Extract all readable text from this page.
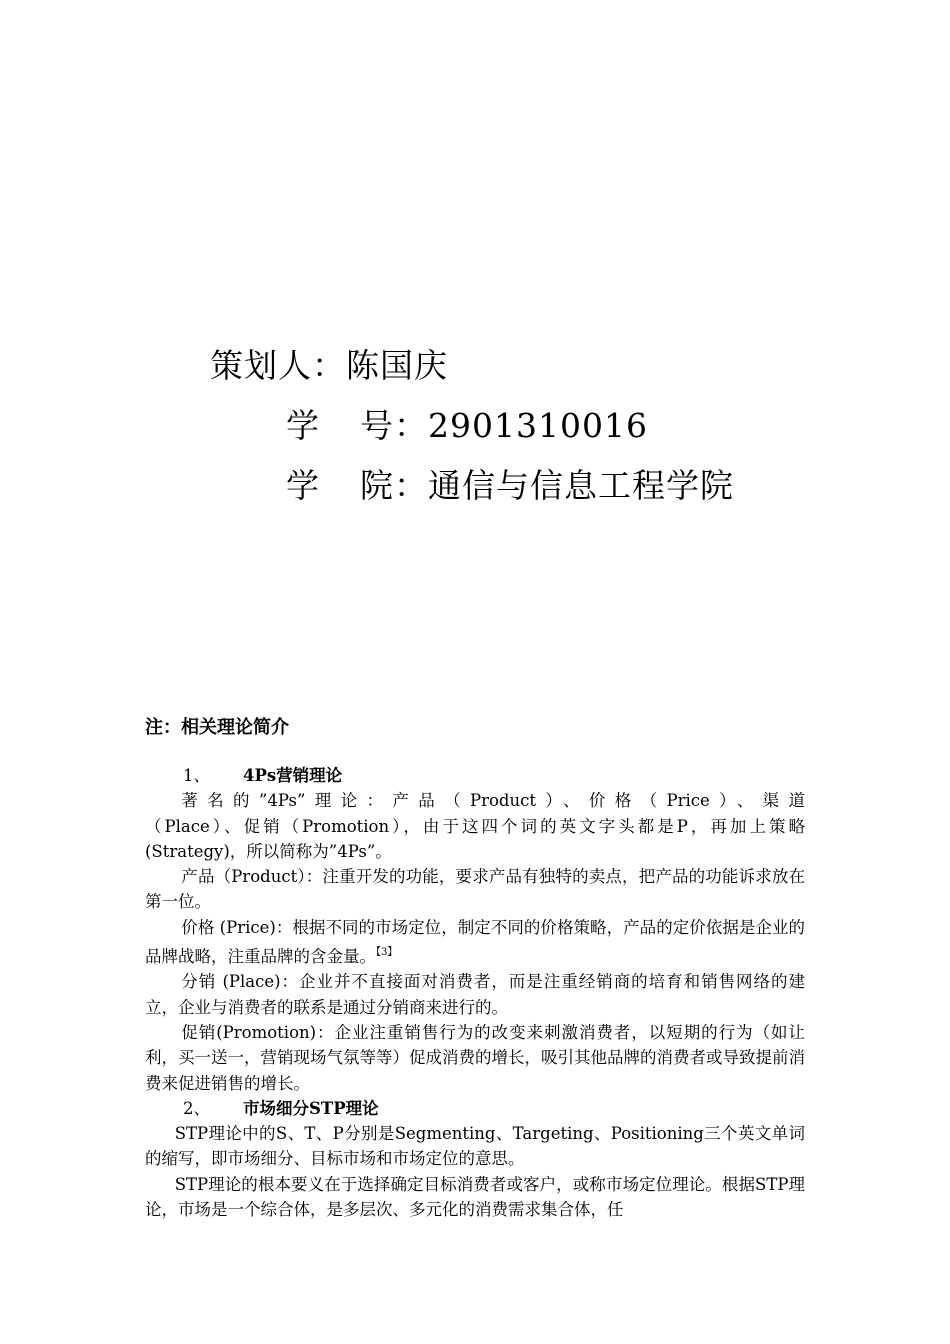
策划人：陈国庆
学 号：2901310016
学 院：通信与信息工程学院
注：相关理论简介
1、 4Ps营销理论

著名的”4Ps”理论：产品（Product）、价格（Price）、渠道

（Place）、促销（Promotion），由于这四个词的英文字头都是P，再加上策略(Strategy)，所以简称为”4Ps”。

产品（Product）：注重开发的功能，要求产品有独特的卖点，把产品的功能诉求放在第一位。

价格 (Price)：根据不同的市场定位，制定不同的价格策略，产品的定价依据是企业的品牌战略，注重品牌的含金量。$^{【3】}$

分销 (Place)：企业并不直接面对消费者，而是注重经销商的培育和销售网络的建立，企业与消费者的联系是通过分销商来进行的。

促销(Promotion)：企业注重销售行为的改变来刺激消费者，以短期的行为（如让利，买一送一，营销现场气氛等等）促成消费的增长，吸引其他品牌的消费者或导致提前消费来促进销售的增长。

2、 市场细分STP理论

STP理论中的S、T、P分别是Segmenting、Targeting、Positioning三个英文单词的缩写，即市场细分、目标市场和市场定位的意思。

STP理论的根本要义在于选择确定目标消费者或客户，或称市场定位理论。根据STP理论，市场是一个综合体，是多层次、多元化的消费需求集合体，任
